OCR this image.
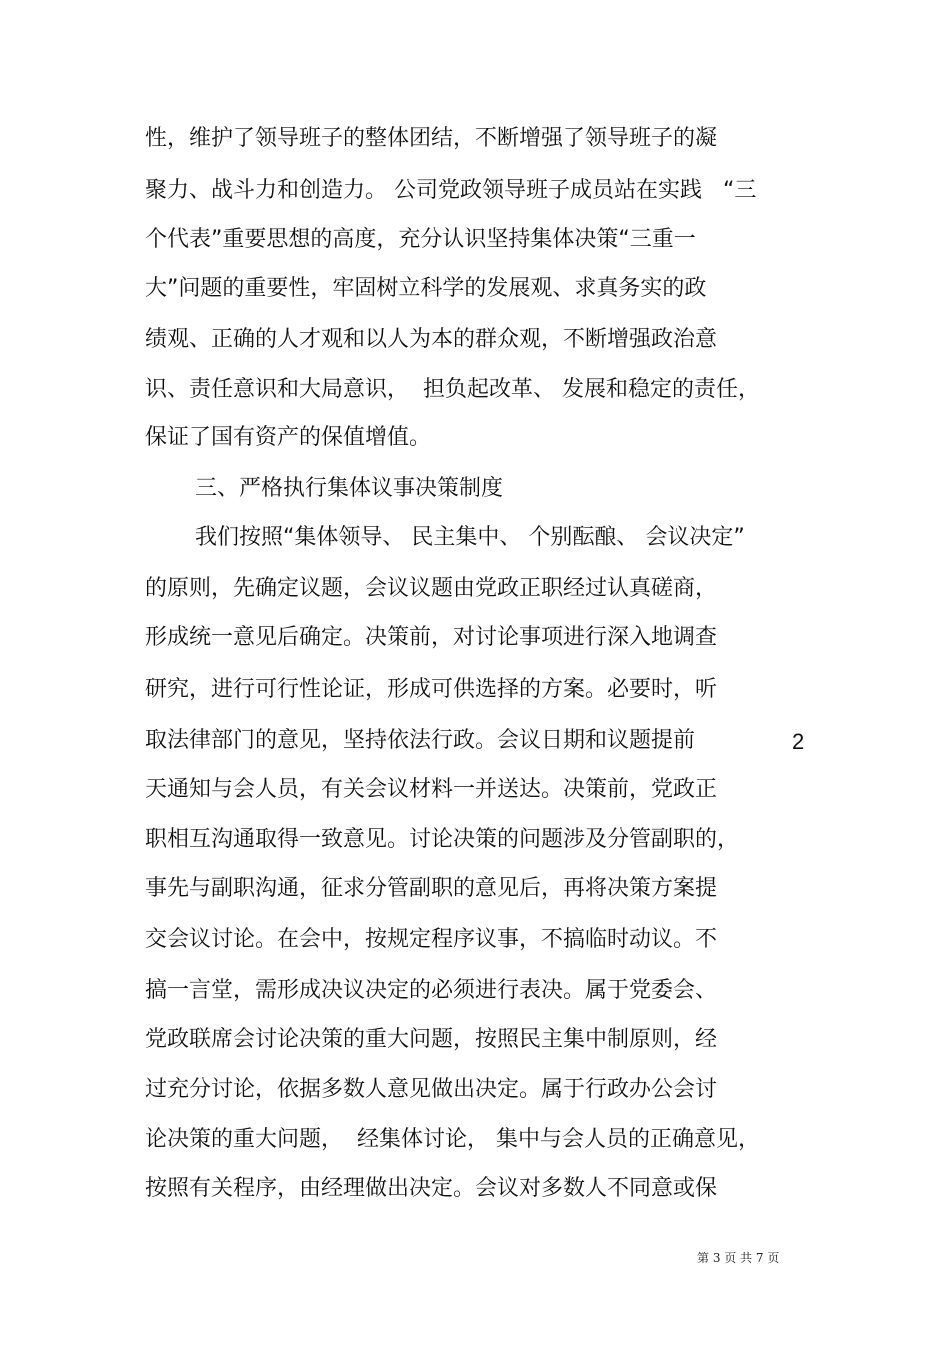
性，维护了领导班子的整体团结，不断增强了领导班子的凝

聚力、战斗力和创造力。 公司党政领导班子成员站在实践   “三

个代表”重要思想的高度，充分认识坚持集体决策“三重一

大”问题的重要性，牢固树立科学的发展观、求真务实的政

绩观、正确的人才观和以人为本的群众观，不断增强政治意

识、责任意识和大局意识，  担负起改革、 发展和稳定的责任，

保证了国有资产的保值增值。

三、严格执行集体议事决策制度

我们按照“集体领导、 民主集中、 个别酝酿、 会议决定”

的原则，先确定议题，会议议题由党政正职经过认真磋商，

形成统一意见后确定。决策前，对讨论事项进行深入地调查

研究，进行可行性论证，形成可供选择的方案。必要时，听

取法律部门的意见，坚持依法行政。会议日期和议题提前	2

天通知与会人员，有关会议材料一并送达。决策前，党政正

职相互沟通取得一致意见。讨论决策的问题涉及分管副职的，

事先与副职沟通，征求分管副职的意见后，再将决策方案提

交会议讨论。在会中，按规定程序议事，不搞临时动议。不

搞一言堂，需形成决议决定的必须进行表决。属于党委会、

党政联席会讨论决策的重大问题，按照民主集中制原则，经

过充分讨论，依据多数人意见做出决定。属于行政办公会讨

论决策的重大问题，  经集体讨论， 集中与会人员的正确意见，

按照有关程序，由经理做出决定。会议对多数人不同意或保

第 3 页 共 7 页
